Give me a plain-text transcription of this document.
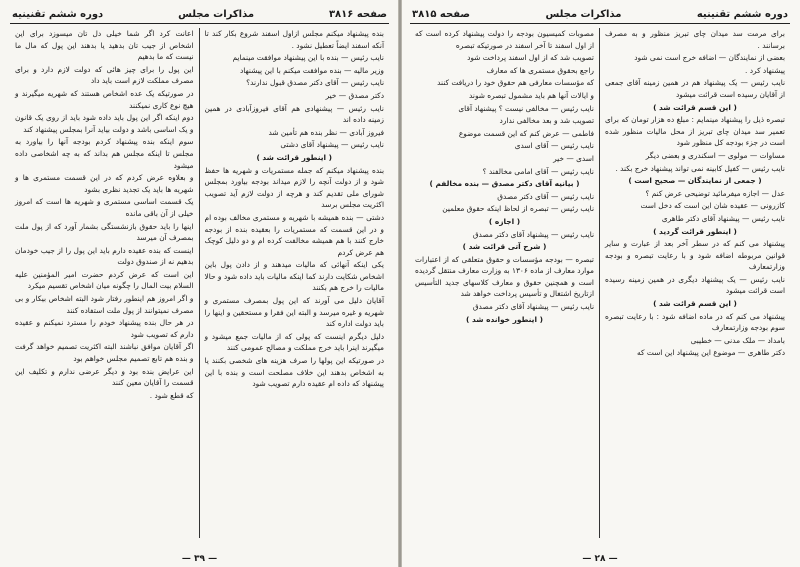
صفحه ۳۸۱۶
مذاکرات مجلس
دوره ششم تقنینیه

بنده پیشنهاد میکنم مجلس ازاول اسفند شروع بکار کند تا آنکه اسفند ایضاً تعطیل نشود .

نایب رئیس — بنده با این پیشنهاد موافقت مینمایم

وزیر مالیه — بنده موافقت میکنم با این پیشنهاد

نایب رئیس — آقای دکتر مصدق قبول ندارند؟

دکتر مصدق — خیر

نایب رئیس — پیشنهادی هم آقای فیروزآبادی در همین زمینه داده اند

فیروز آبادی — نظر بنده هم تأمین شد

نایب رئیس — پیشنهاد آقای دشتی

( اینطور قرائت شد )

بنده پیشنهاد میکنم که جمله مستمریات و شهریه ها حفظ شود و از دولت آنچه را لازم میداند بودجه بیاورد بمجلس شورای ملی تقدیم کند و هرچه از دولت لازم آید تصویب اکثریت مجلس برسد

دشتی — بنده همیشه با شهریه و مستمری مخالف بوده ام و در این قسمت که مستمریات را بعقیده بنده از بودجه خارج کنند با هم همیشه مخالفت کرده ام و دو دلیل کوچک هم عرض کردم

یکی اینکه آنهائی که مالیات میدهند و از دادن پول باین اشخاص شکایت دارند کما اینکه مالیات باید داده شود و حالا مالیات را خرج هم بکنند

آقایان دلیل می آورند که این پول بمصرف مستمری و شهریه و غیره میرسد و البته این فقرا و مستحقین و اینها را باید دولت اداره کند

دلیل دیگرم اینست که پولی که از مالیات جمع میشود و میگیرند اینرا باید خرج مملکت و مصالح عمومی کنند

در صورتیکه این پولها را صرف هزینه های شخصی بکنند یا به اشخاص بدهند این خلاف مصلحت است و بنده با این پیشنهاد که داده ام عقیده دارم تصویب شود

اعانت کرد اگر شما خیلی دل تان میسوزد برای این اشخاص از جیب تان بدهید یا بدهند این پول که مال ما نیست که ما بدهیم

این پول را برای چیز هائی که دولت لازم دارد و برای مصرف مملکت لازم است باید داد

در صورتیکه یک عده اشخاص هستند که شهریه میگیرند و هیچ نوع کاری نمیکنند

دوم اینکه اگر این پول باید داده شود باید از روی یک قانون و یک اساسی باشد و دولت بیاید آنرا بمجلس پیشنهاد کند

سوم اینکه بنده پیشنهاد کردم بودجه آنها را بیاورد به مجلس تا اینکه مجلس هم بداند که به چه اشخاصی داده میشود

و بعلاوه عرض کردم که در این قسمت مستمری ها و شهریه ها باید یک تجدید نظری بشود

یک قسمت اساسی مستمری و شهریه ها است که امروز خیلی از آن باقی مانده

اینها را باید حقوق بازنشستگی بشمار آورد که از پول ملت بمصرف آن میرسد

اینست که بنده عقیده دارم باید این پول را از جیب خودمان بدهیم نه از صندوق دولت

این است که عرض کردم حضرت امیر المؤمنین علیه السلام بیت المال را چگونه میان اشخاص تقسیم میکرد

و اگر امروز هم اینطور رفتار شود البته اشخاص بیکار و بی مصرف نمیتوانند از پول ملت استفاده کنند

در هر حال بنده پیشنهاد خودم را مسترد نمیکنم و عقیده دارم که تصویب شود

اگر آقایان موافق نباشند البته اکثریت تصمیم خواهد گرفت و بنده هم تابع تصمیم مجلس خواهم بود

این عرایض بنده بود و دیگر عرضی ندارم و تکلیف این قسمت را آقایان معین کنند

که قطع شود .

— ۳۹ —
دوره ششم تقنینیه
مذاکرات مجلس
صفحه ۳۸۱۵

برای مرمت سد میدان چای تبریز منظور و به مصرف برسانند .

بعضی از نمایندگان — اضافه خرج است نمی شود

پیشنهاد کرد .

نایب رئیس — یک پیشنهاد هم در همین زمینه آقای جمعی از آقایان رسیده است قرائت میشود

( این قسم قرائت شد )

تبصره ذیل را پیشنهاد مینمایم : مبلغ ده هزار تومان که برای تعمیر سد میدان چای تبریز از محل مالیات منظور شده است در جزء بودجه کل منظور شود

مساوات — مولوی — اسکندری و بعضی دیگر

نایب رئیس — کفیل کابینه نمی تواند پیشنهاد خرج بکند .

( جمعی از نمایندگان — صحیح است )

عدل — اجازه میفرمائید توضیحی عرض کنم ؟

کازرونی — عقیده شان این است که دخل است

نایب رئیس — پیشنهاد آقای دکتر طاهری

( اینطور قرائت گردید )

پیشنهاد می کنم که در سطر آخر بعد از عبارت و سایر قوانین مربوطه اضافه شود و با رعایت تبصره و بودجه وزارتمعارف

نایب رئیس — یک پیشنهاد دیگری در همین زمینه رسیده است قرائت میشود

( این قسم قرائت شد )

پیشنهاد می کنم که در ماده اضافه شود : با رعایت تبصره سوم بودجه وزارتمعارف

بامداد — ملک مدنی — خطیبی

دکتر طاهری — موضوع این پیشنهاد این است که

مصوبات کمیسیون بودجه را دولت پیشنهاد کرده است که از اول اسفند تا آخر اسفند در صورتیکه تبصره

تصویب شد که از اول اسفند پرداخت شود

راجع بحقوق مستمری ها که معارف

که مؤسسات معارفی هم حقوق خود را دریافت کنند

و ایالات آنها هم باید مشمول تبصره شوند

نایب رئیس — مخالفی نیست ؟ پیشنهاد آقای

تصویب شد و بعد مخالفی ندارد

فاطمی — عرض کنم که این قسمت موضوع

نایب رئیس — آقای اسدی

اسدی — خیر

نایب رئیس — آقای امامی مخالفند ؟

( بیانیه آقای دکتر مصدق — بنده مخالفم )

نایب رئیس — آقای دکتر مصدق

نایب رئیس — تبصره از لحاظ اینکه حقوق معلمین

( اجازه )

نایب رئیس — پیشنهاد آقای دکتر مصدق

( شرح آتی قرائت شد )

تبصره — بودجه مؤسسات و حقوق متعلقی که از اعتبارات موارد معارف از ماده ۱۳۰۶ به وزارت معارف منتقل گردیده است و همچنین حقوق و معارف کلاسهای جدید التأسیس ازتاریخ اشتغال و تأسیس پرداخت خواهد شد

نایب رئیس — پیشنهاد آقای دکتر مصدق

( اینطور خوانده شد )

— ۲۸ —
